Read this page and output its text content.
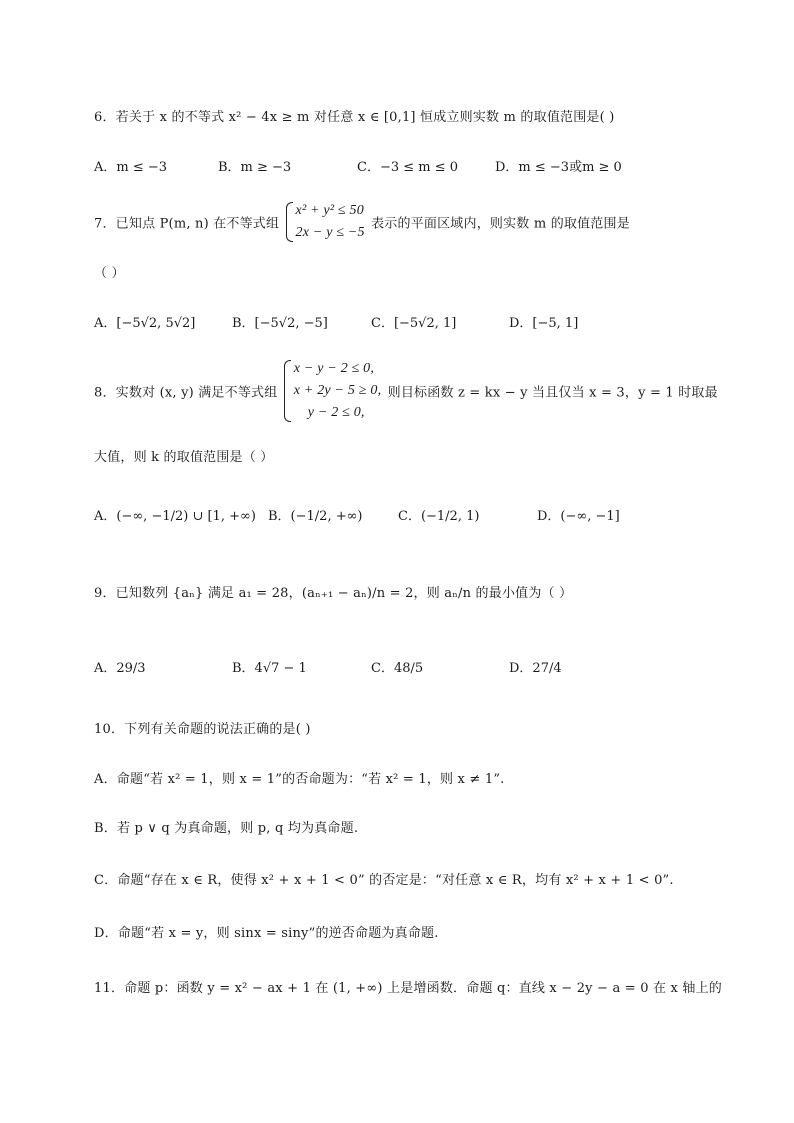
6．若关于 x 的不等式 x² − 4x ≥ m 对任意 x ∈ [0,1] 恒成立则实数 m 的取值范围是( )
A．m ≤ −3	B．m ≥ −3	C．−3 ≤ m ≤ 0	D．m ≤ −3或m ≥ 0
7．已知点 P(m, n) 在不等式组
x² + y² ≤ 50
2x − y ≤ −5
表示的平面区域内，则实数 m 的取值范围是
（ ）
A．[−5√2, 5√2]	B．[−5√2, −5]	C．[−5√2, 1]	D．[−5, 1]
8．实数对 (x, y) 满足不等式组
x − y − 2 ≤ 0,
x + 2y − 5 ≥ 0,
y − 2 ≤ 0,
则目标函数 z = kx − y 当且仅当 x = 3，y = 1 时取最
大值，则 k 的取值范围是（ ）
A．(−∞, −1/2) ∪ [1, +∞) B．(−1/2, +∞)	C．(−1/2, 1)	D．(−∞, −1]
9．已知数列 {aₙ} 满足 a₁ = 28，(aₙ₊₁ − aₙ)/n = 2，则 aₙ/n 的最小值为（ ）
A．29/3	B．4√7 − 1	C．48/5	D．27/4
10．下列有关命题的说法正确的是( )
A．命题“若 x² = 1，则 x = 1”的否命题为：“若 x² = 1，则 x ≠ 1”.
B．若 p ∨ q 为真命题，则 p, q 均为真命题.
C．命题“存在 x ∈ R，使得 x² + x + 1 < 0” 的否定是：“对任意 x ∈ R，均有 x² + x + 1 < 0”.
D．命题“若 x = y，则 sinx = siny”的逆否命题为真命题.
11．命题 p：函数 y = x² − ax + 1 在 (1, +∞) 上是增函数．命题 q：直线 x − 2y − a = 0 在 x 轴上的
